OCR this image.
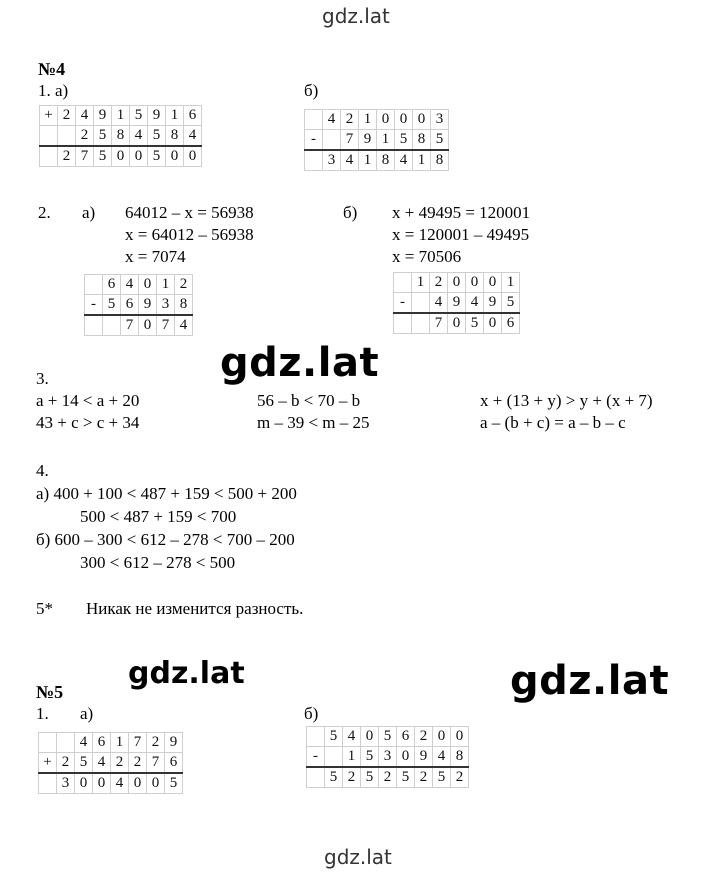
gdz.lat
gdz.lat
gdz.lat	gdz.lat
gdz.lat
№4
1. а)	б)
+	2	4	9	1	5	9	1	6
		2	5	8	4	5	8	4
	2	7	5	0	0	5	0	0
	4	2	1	0	0	0	3
-		7	9	1	5	8	5
	3	4	1	8	4	1	8
2. а) 64012 – x = 56938
x = 64012 – 56938
x = 7074
б) x + 49495 = 120001
x = 120001 – 49495
x = 70506
	6	4	0	1	2
-	5	6	9	3	8
		7	0	7	4
	1	2	0	0	0	1
-		4	9	4	9	5
		7	0	5	0	6
3.
a + 14 < a + 20
43 + c > c + 34
56 – b < 70 – b
m – 39 < m – 25
x + (13 + y) > y + (x + 7)
a – (b + c) = a – b – c
4.
а) 400 + 100 < 487 + 159 < 500 + 200
500 < 487 + 159 < 700
б) 600 – 300 < 612 – 278 < 700 – 200
300 < 612 – 278 < 500
5* Никак не изменится разность.
№5
1. а)	б)
		4	6	1	7	2	9
+	2	5	4	2	2	7	6
	3	0	0	4	0	0	5
	5	4	0	5	6	2	0	0
-		1	5	3	0	9	4	8
	5	2	5	2	5	2	5	2
